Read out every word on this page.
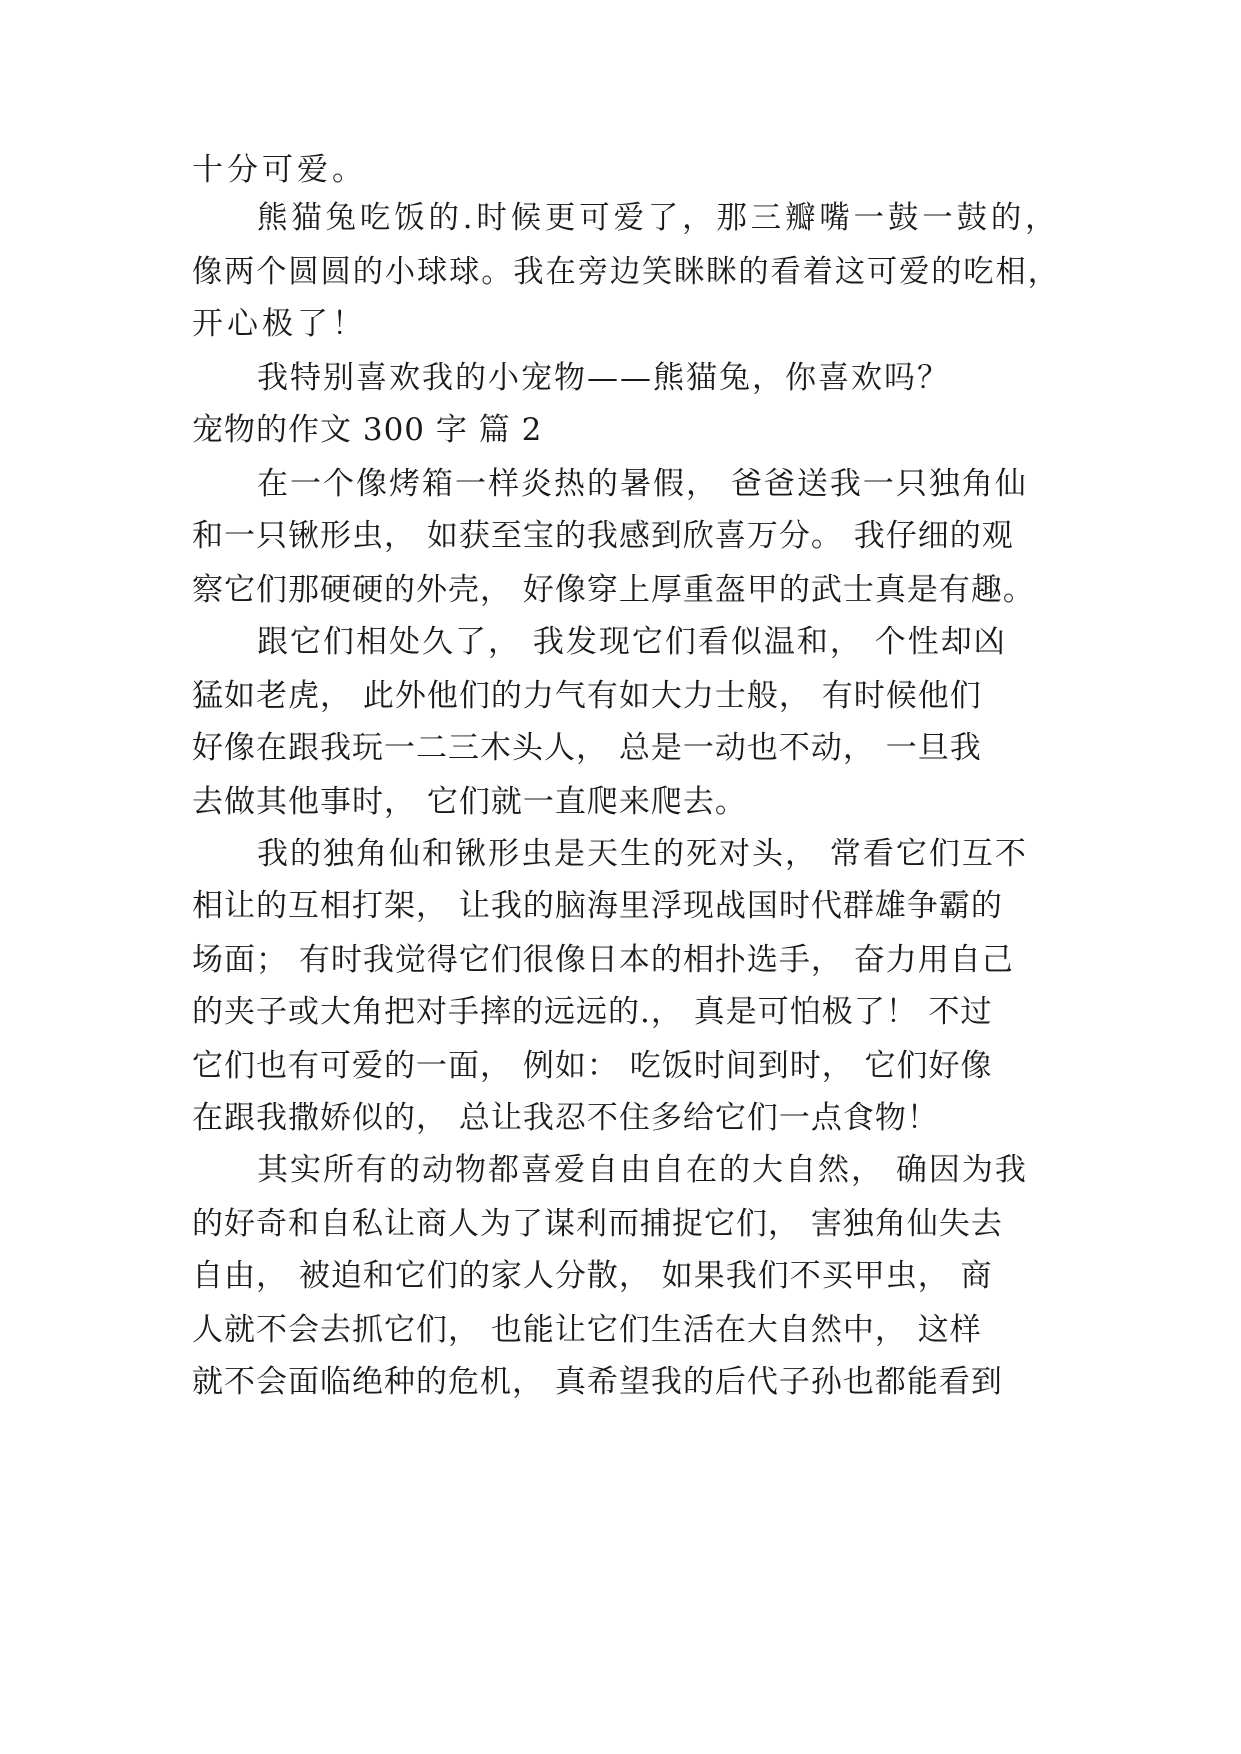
十分可爱。
熊猫兔吃饭的.时候更可爱了，那三瓣嘴一鼓一鼓的，
像两个圆圆的小球球。我在旁边笑眯眯的看着这可爱的吃相，
开心极了！
我特别喜欢我的小宠物——熊猫兔，你喜欢吗？
宠物的作文 300 字 篇 2
在一个像烤箱一样炎热的暑假， 爸爸送我一只独角仙
和一只锹形虫， 如获至宝的我感到欣喜万分。 我仔细的观
察它们那硬硬的外壳， 好像穿上厚重盔甲的武士真是有趣。
跟它们相处久了， 我发现它们看似温和， 个性却凶
猛如老虎， 此外他们的力气有如大力士般， 有时候他们
好像在跟我玩一二三木头人， 总是一动也不动， 一旦我
去做其他事时， 它们就一直爬来爬去。
我的独角仙和锹形虫是天生的死对头， 常看它们互不
相让的互相打架， 让我的脑海里浮现战国时代群雄争霸的
场面； 有时我觉得它们很像日本的相扑选手， 奋力用自己
的夹子或大角把对手摔的远远的.， 真是可怕极了！ 不过
它们也有可爱的一面， 例如： 吃饭时间到时， 它们好像
在跟我撒娇似的， 总让我忍不住多给它们一点食物！
其实所有的动物都喜爱自由自在的大自然， 确因为我
的好奇和自私让商人为了谋利而捕捉它们， 害独角仙失去
自由， 被迫和它们的家人分散， 如果我们不买甲虫， 商
人就不会去抓它们， 也能让它们生活在大自然中， 这样
就不会面临绝种的危机， 真希望我的后代子孙也都能看到
